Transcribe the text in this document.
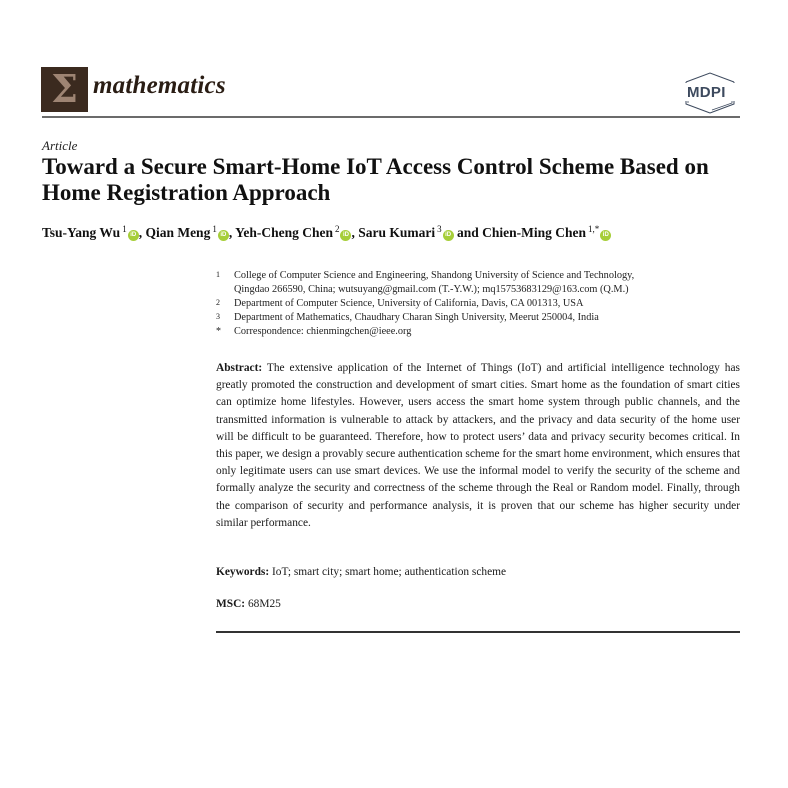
Σ mathematics	MDPI
Article
Toward a Secure Smart-Home IoT Access Control Scheme Based on Home Registration Approach
Tsu-Yang Wu $^1$iD , Qian Meng $^1$iD , Yeh-Cheng Chen $^2$iD , Saru Kumari $^3$iD and Chien-Ming Chen $^{1,*}$iD
1 College of Computer Science and Engineering, Shandong University of Science and Technology,
Qingdao 266590, China; wutsuyang@gmail.com (T.-Y.W.); mq15753683129@163.com (Q.M.)
2 Department of Computer Science, University of California, Davis, CA 001313, USA
3 Department of Mathematics, Chaudhary Charan Singh University, Meerut 250004, India
* Correspondence: chienmingchen@ieee.org
Abstract: The extensive application of the Internet of Things (IoT) and artificial intelligence technology has greatly promoted the construction and development of smart cities. Smart home as the foundation of smart cities can optimize home lifestyles. However, users access the smart home system through public channels, and the transmitted information is vulnerable to attack by attackers, and the privacy and data security of the home user will be difficult to be guaranteed. Therefore, how to protect users’ data and privacy security becomes critical. In this paper, we design a provably secure authentication scheme for the smart home environment, which ensures that only legitimate users can use smart devices. We use the informal model to verify the security of the scheme and formally analyze the security and correctness of the scheme through the Real or Random model. Finally, through the comparison of security and performance analysis, it is proven that our scheme has higher security under similar performance.
Keywords: IoT; smart city; smart home; authentication scheme
MSC: 68M25
